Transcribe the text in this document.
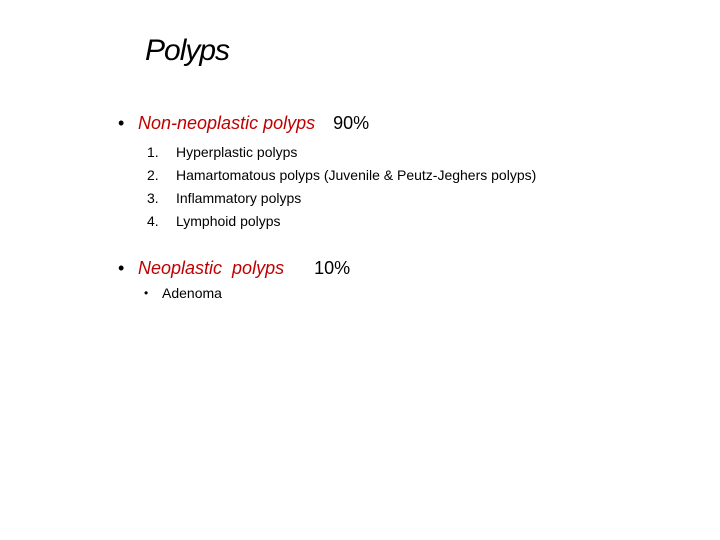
Polyps
• Non-neoplastic polyps 90%
1.	Hyperplastic polyps
2.	Hamartomatous polyps (Juvenile & Peutz-Jeghers polyps)
3.	Inflammatory polyps
4.	Lymphoid polyps
• Neoplastic  polyps 10%
• Adenoma
